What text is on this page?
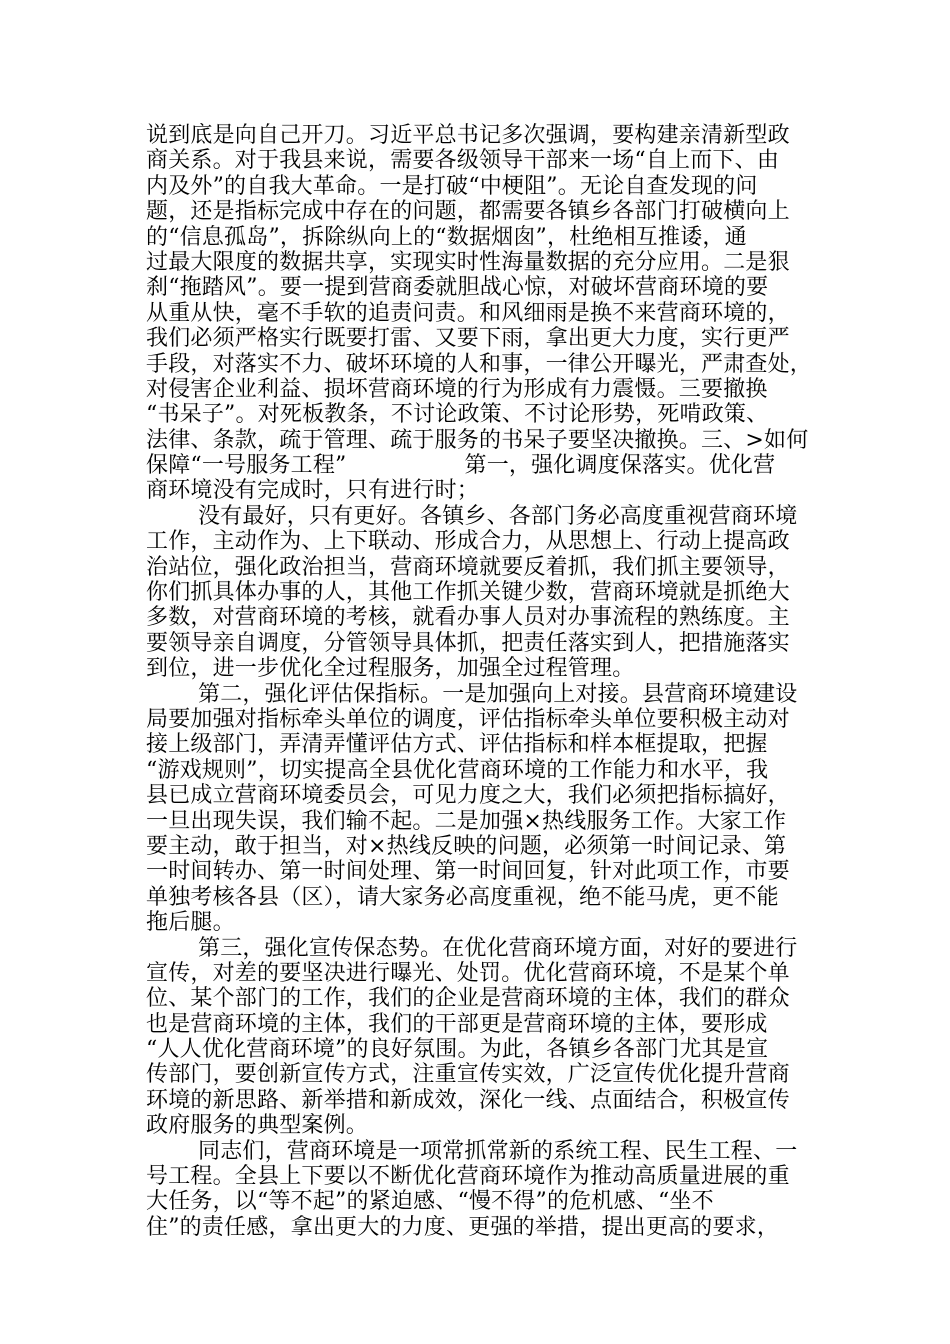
说到底是向自己开刀。习近平总书记多次强调，要构建亲清新型政
商关系。对于我县来说，需要各级领导干部来一场“自上而下、由
内及外”的自我大革命。一是打破“中梗阻”。无论自查发现的问
题，还是指标完成中存在的问题，都需要各镇乡各部门打破横向上
的“信息孤岛”，拆除纵向上的“数据烟囱”，杜绝相互推诿，通
过最大限度的数据共享，实现实时性海量数据的充分应用。二是狠
刹“拖踏风”。要一提到营商委就胆战心惊，对破坏营商环境的要
从重从快，毫不手软的追责问责。和风细雨是换不来营商环境的，
我们必须严格实行既要打雷、又要下雨，拿出更大力度，实行更严
手段，对落实不力、破坏环境的人和事，一律公开曝光，严肃查处，
对侵害企业利益、损坏营商环境的行为形成有力震慑。三要撤换
“书呆子”。对死板教条，不讨论政策、不讨论形势，死啃政策、
法律、条款，疏于管理、疏于服务的书呆子要坚决撤换。三、>如何
保障“一号服务工程”	第一，强化调度保落实。优化营
商环境没有完成时，只有进行时；
没有最好，只有更好。各镇乡、各部门务必高度重视营商环境
工作，主动作为、上下联动、形成合力，从思想上、行动上提高政
治站位，强化政治担当，营商环境就要反着抓，我们抓主要领导，
你们抓具体办事的人，其他工作抓关键少数，营商环境就是抓绝大
多数，对营商环境的考核，就看办事人员对办事流程的熟练度。主
要领导亲自调度，分管领导具体抓，把责任落实到人，把措施落实
到位，进一步优化全过程服务，加强全过程管理。
第二，强化评估保指标。一是加强向上对接。县营商环境建设
局要加强对指标牵头单位的调度，评估指标牵头单位要积极主动对
接上级部门，弄清弄懂评估方式、评估指标和样本框提取，把握
“游戏规则”，切实提高全县优化营商环境的工作能力和水平，我
县已成立营商环境委员会，可见力度之大，我们必须把指标搞好，
一旦出现失误，我们输不起。二是加强×热线服务工作。大家工作
要主动，敢于担当，对×热线反映的问题，必须第一时间记录、第
一时间转办、第一时间处理、第一时间回复，针对此项工作，市要
单独考核各县（区），请大家务必高度重视，绝不能马虎，更不能
拖后腿。
第三，强化宣传保态势。在优化营商环境方面，对好的要进行
宣传，对差的要坚决进行曝光、处罚。优化营商环境，不是某个单
位、某个部门的工作，我们的企业是营商环境的主体，我们的群众
也是营商环境的主体，我们的干部更是营商环境的主体，要形成
“人人优化营商环境”的良好氛围。为此，各镇乡各部门尤其是宣
传部门，要创新宣传方式，注重宣传实效，广泛宣传优化提升营商
环境的新思路、新举措和新成效，深化一线、点面结合，积极宣传
政府服务的典型案例。
同志们，营商环境是一项常抓常新的系统工程、民生工程、一
号工程。全县上下要以不断优化营商环境作为推动高质量进展的重
大任务，以“等不起”的紧迫感、“慢不得”的危机感、“坐不
住”的责任感，拿出更大的力度、更强的举措，提出更高的要求，
